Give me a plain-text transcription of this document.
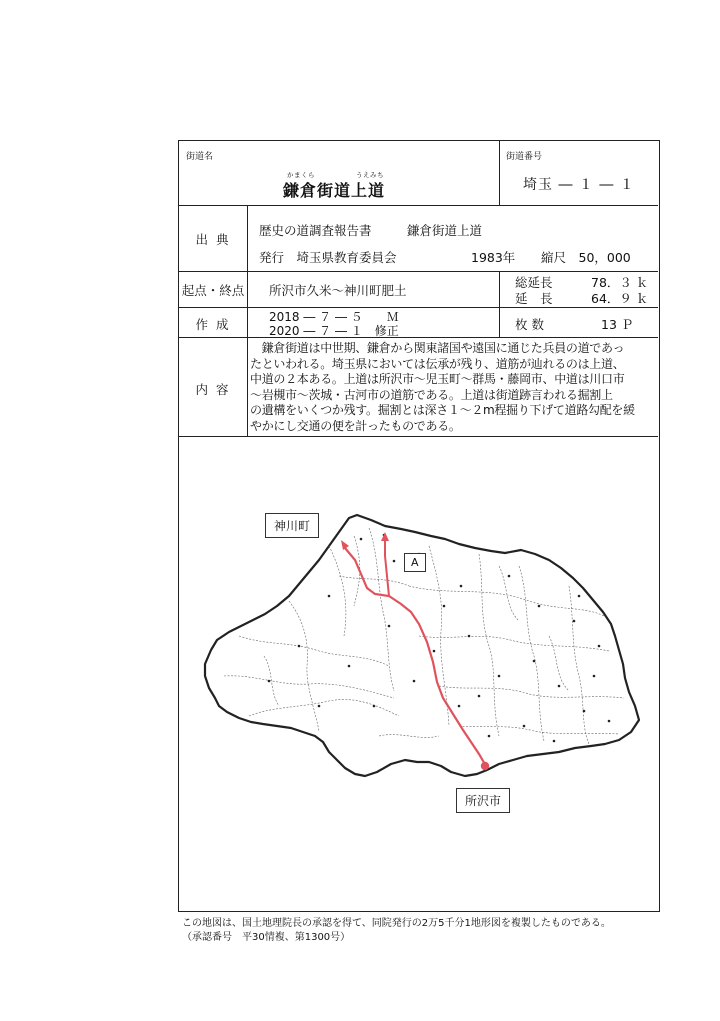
街道名
かまくら	うえみち
鎌倉街道上道
街道番号
埼玉 ― １ ― １
出 典
歴史の道調査報告書	鎌倉街道上道
発行　埼玉県教育委員会	1983年 縮尺　50，000
起点・終点 所沢市久米～神川町肥土
総延長	78．３ ｋ
延　長	64．９ ｋ
作 成	2018 ― ７ ― ５　　Ｍ
2020 ― ７ ― １　修正	枚 数	13 Ｐ
内 容
　鎌倉街道は中世期、鎌倉から関東諸国や遠国に通じた兵員の道であっ
たといわれる。埼玉県においては伝承が残り、道筋が辿れるのは上道、
中道の２本ある。上道は所沢市～児玉町～群馬・藤岡市、中道は川口市
～岩槻市～茨城・古河市の道筋である。上道は街道跡言われる掘割上
の遺構をいくつか残す。掘割とは深さ１～２m程掘り下げて道路勾配を緩
やかにし交通の便を計ったものである。
神川町
A
所沢市
この地図は、国土地理院長の承認を得て、同院発行の2万5千分1地形図を複製したものである。
（承認番号　平30情複、第1300号）
